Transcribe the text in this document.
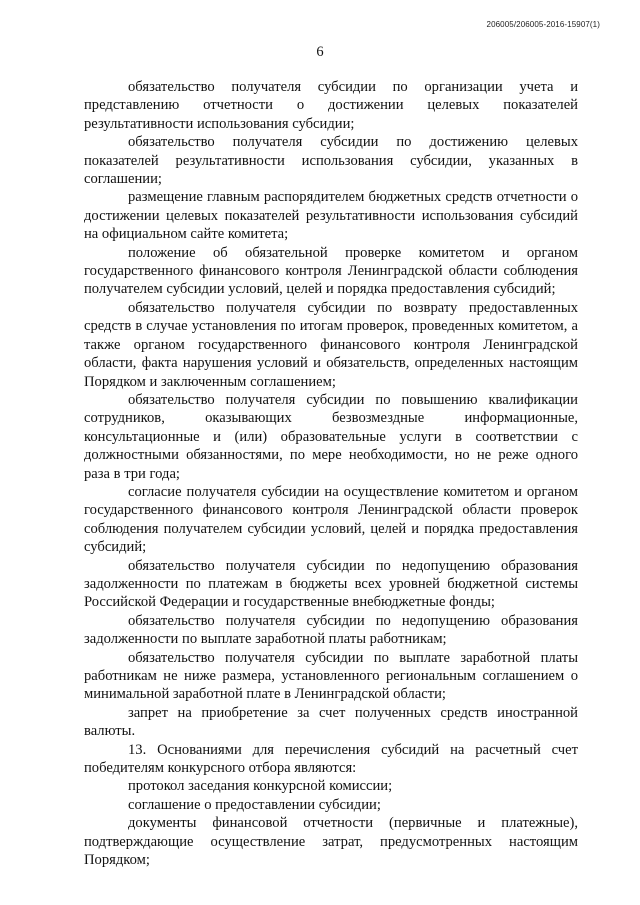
206005/206005-2016-15907(1)
6

обязательство получателя субсидии по организации учета и представлению отчетности о достижении целевых показателей результативности использования субсидии;

обязательство получателя субсидии по достижению целевых показателей результативности использования субсидии, указанных в соглашении;

размещение главным распорядителем бюджетных средств отчетности о достижении целевых показателей результативности использования субсидий на официальном сайте комитета;

положение об обязательной проверке комитетом и органом государственного финансового контроля Ленинградской области соблюдения получателем субсидии условий, целей и порядка предоставления субсидий;

обязательство получателя субсидии по возврату предоставленных средств в случае установления по итогам проверок, проведенных комитетом, а также органом государственного финансового контроля Ленинградской области, факта нарушения условий и обязательств, определенных настоящим Порядком и заключенным соглашением;

обязательство получателя субсидии по повышению квалификации сотрудников, оказывающих безвозмездные информационные, консультационные и (или) образовательные услуги в соответствии с должностными обязанностями, по мере необходимости, но не реже одного раза в три года;

согласие получателя субсидии на осуществление комитетом и органом государственного финансового контроля Ленинградской области проверок соблюдения получателем субсидии условий, целей и порядка предоставления субсидий;

обязательство получателя субсидии по недопущению образования задолженности по платежам в бюджеты всех уровней бюджетной системы Российской Федерации и государственные внебюджетные фонды;

обязательство получателя субсидии по недопущению образования задолженности по выплате заработной платы работникам;

обязательство получателя субсидии по выплате заработной платы работникам не ниже размера, установленного региональным соглашением о минимальной заработной плате в Ленинградской области;

запрет на приобретение за счет полученных средств иностранной валюты.

13. Основаниями для перечисления субсидий на расчетный счет победителям конкурсного отбора являются:

протокол заседания конкурсной комиссии;

соглашение о предоставлении субсидии;

документы финансовой отчетности (первичные и платежные), подтверждающие осуществление затрат, предусмотренных настоящим Порядком;
